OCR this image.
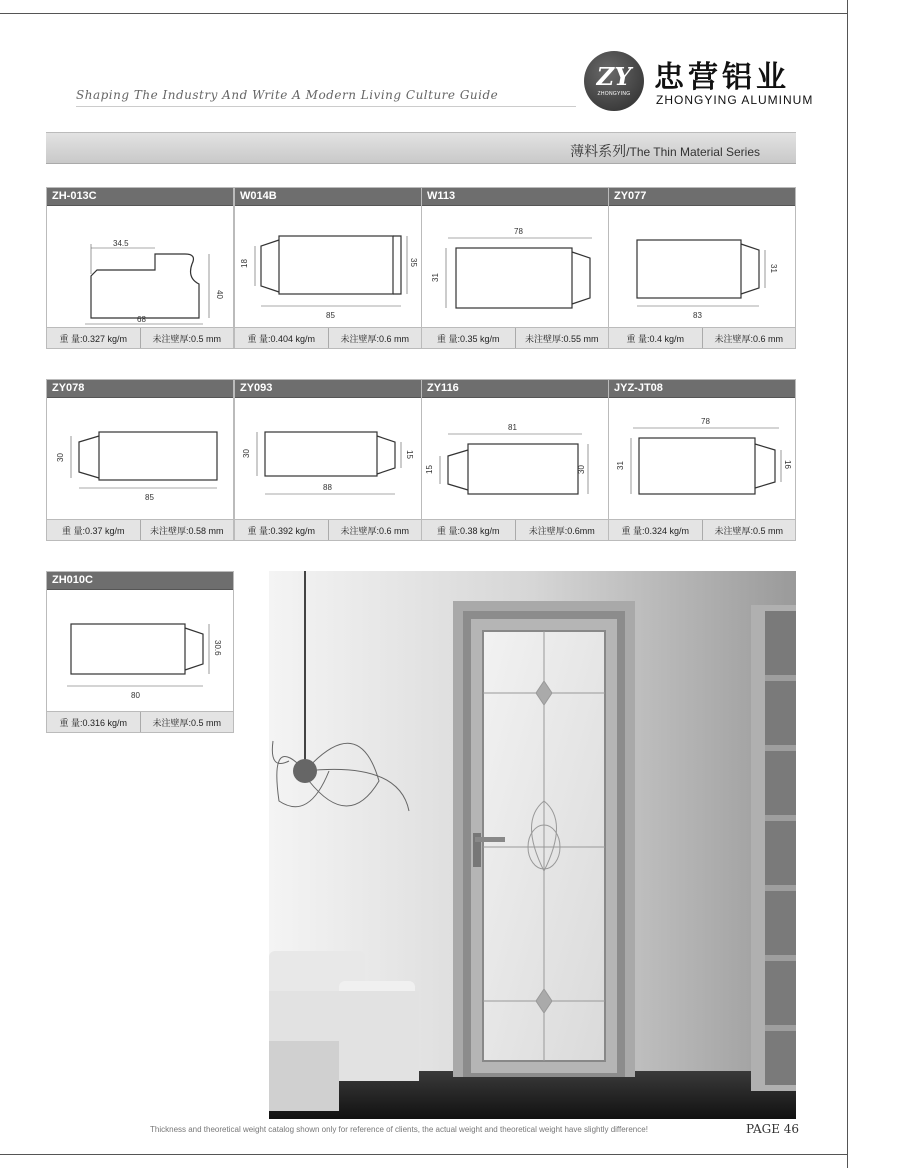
Shaping The Industry And Write A Modern Living Culture Guide
ZY
ZHONGYING 忠营铝业
ZHONGYING ALUMINUM
薄料系列/The Thin Material Series
ZH-013C
34.5
40
68
重 量:0.327 kg/m	未注壁厚:0.5 mm
W014B
18	35
85
重 量:0.404 kg/m	未注壁厚:0.6 mm
W113
78
31
重 量:0.35 kg/m	未注壁厚:0.55 mm
ZY077
31
83
重 量:0.4 kg/m	未注壁厚:0.6 mm
ZY078
30
85
重 量:0.37 kg/m	未注壁厚:0.58 mm
ZY093
30	15
88
重 量:0.392 kg/m	未注壁厚:0.6 mm
ZY116
81
15	30
重 量:0.38 kg/m	未注壁厚:0.6mm
JYZ-JT08
78
31	16
重 量:0.324 kg/m	未注壁厚:0.5 mm
ZH010C
30.6
80
重 量:0.316 kg/m	未注壁厚:0.5 mm
Thickness and theoretical weight catalog shown only for reference of clients, the actual weight and theoretical weight have slightly difference!	PAGE 46
